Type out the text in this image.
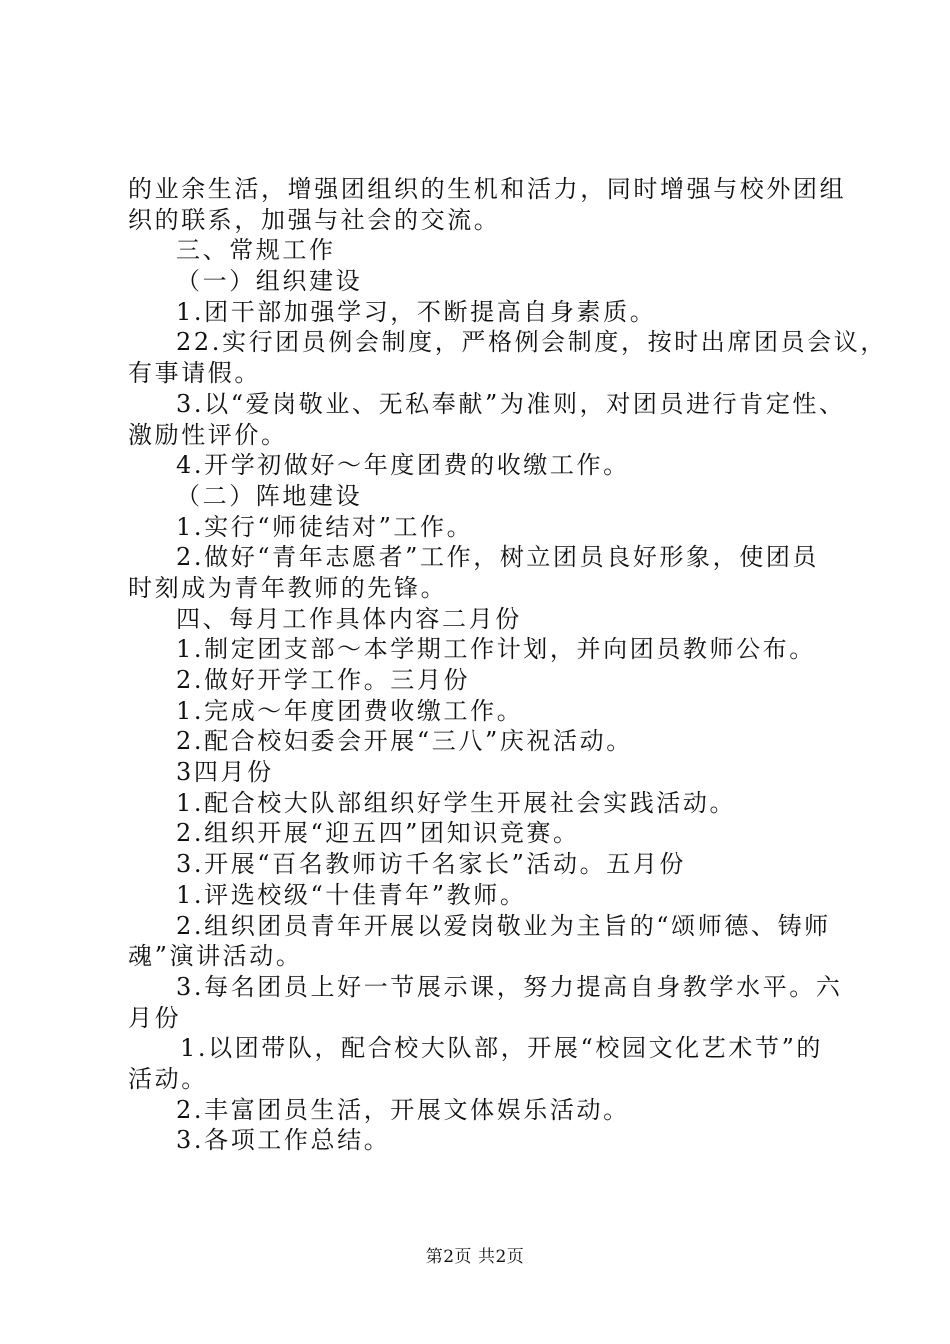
的业余生活，增强团组织的生机和活力，同时增强与校外团组
织的联系，加强与社会的交流。
三、常规工作
（一）组织建设
1.团干部加强学习，不断提高自身素质。
22.实行团员例会制度，严格例会制度，按时出席团员会议，
有事请假。
3.以“爱岗敬业、无私奉献”为准则，对团员进行肯定性、
激励性评价。
4.开学初做好～年度团费的收缴工作。
（二）阵地建设
1.实行“师徒结对”工作。
2.做好“青年志愿者”工作，树立团员良好形象，使团员
时刻成为青年教师的先锋。
四、每月工作具体内容二月份
1.制定团支部～本学期工作计划，并向团员教师公布。
2.做好开学工作。三月份
1.完成～年度团费收缴工作。
2.配合校妇委会开展“三八”庆祝活动。
3四月份
1.配合校大队部组织好学生开展社会实践活动。
2.组织开展“迎五四”团知识竞赛。
3.开展“百名教师访千名家长”活动。五月份
1.评选校级“十佳青年”教师。
2.组织团员青年开展以爱岗敬业为主旨的“颂师德、铸师
魂”演讲活动。
3.每名团员上好一节展示课，努力提高自身教学水平。六
月份
1.以团带队，配合校大队部，开展“校园文化艺术节”的
活动。
2.丰富团员生活，开展文体娱乐活动。
3.各项工作总结。
第2页 共2页
